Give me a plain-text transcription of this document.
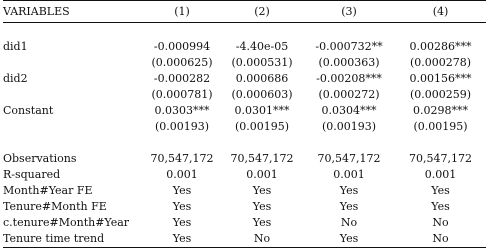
VARIABLES	(1)	(2)	(3)	(4)

did1	-0.000994	-4.40e-05	-0.000732**	0.00286***
	(0.000625)	(0.000531)	(0.000363)	(0.000278)
did2	-0.000282	0.000686	-0.00208***	0.00156***
	(0.000781)	(0.000603)	(0.000272)	(0.000259)
Constant	0.0303***	0.0301***	0.0304***	0.0298***
	(0.00193)	(0.00195)	(0.00193)	(0.00195)

Observations	70,547,172	70,547,172	70,547,172	70,547,172
R-squared	0.001	0.001	0.001	0.001
Month#Year FE	Yes	Yes	Yes	Yes
Tenure#Month FE	Yes	Yes	Yes	Yes
c.tenure#Month#Year	Yes	Yes	No	No
Tenure time trend	Yes	No	Yes	No
